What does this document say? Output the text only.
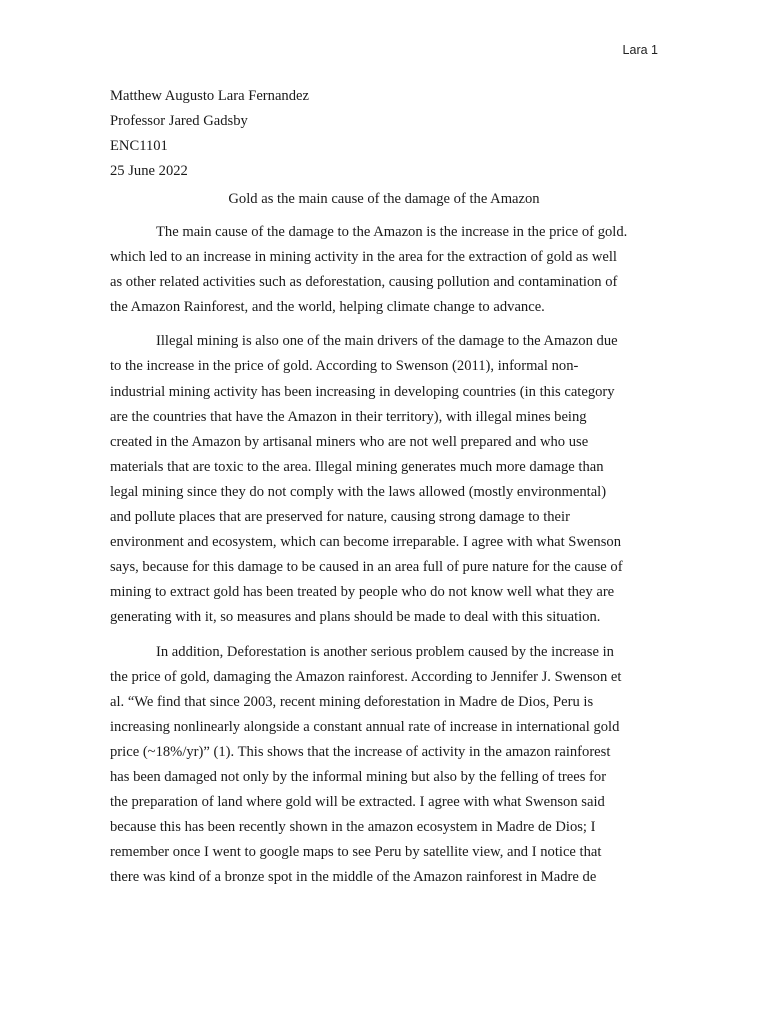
Lara 1
Matthew Augusto Lara Fernandez
Professor Jared Gadsby
ENC1101
25 June 2022
Gold as the main cause of the damage of the Amazon

The main cause of the damage to the Amazon is the increase in the price of gold.
which led to an increase in mining activity in the area for the extraction of gold as well
as other related activities such as deforestation, causing pollution and contamination of
the Amazon Rainforest, and the world, helping climate change to advance.

Illegal mining is also one of the main drivers of the damage to the Amazon due
to the increase in the price of gold. According to Swenson (2011), informal non-
industrial mining activity has been increasing in developing countries (in this category
are the countries that have the Amazon in their territory), with illegal mines being
created in the Amazon by artisanal miners who are not well prepared and who use
materials that are toxic to the area. Illegal mining generates much more damage than
legal mining since they do not comply with the laws allowed (mostly environmental)
and pollute places that are preserved for nature, causing strong damage to their
environment and ecosystem, which can become irreparable. I agree with what Swenson
says, because for this damage to be caused in an area full of pure nature for the cause of
mining to extract gold has been treated by people who do not know well what they are
generating with it, so measures and plans should be made to deal with this situation.

In addition, Deforestation is another serious problem caused by the increase in
the price of gold, damaging the Amazon rainforest. According to Jennifer J. Swenson et
al. “We find that since 2003, recent mining deforestation in Madre de Dios, Peru is
increasing nonlinearly alongside a constant annual rate of increase in international gold
price (~18%/yr)” (1). This shows that the increase of activity in the amazon rainforest
has been damaged not only by the informal mining but also by the felling of trees for
the preparation of land where gold will be extracted. I agree with what Swenson said
because this has been recently shown in the amazon ecosystem in Madre de Dios; I
remember once I went to google maps to see Peru by satellite view, and I notice that
there was kind of a bronze spot in the middle of the Amazon rainforest in Madre de
